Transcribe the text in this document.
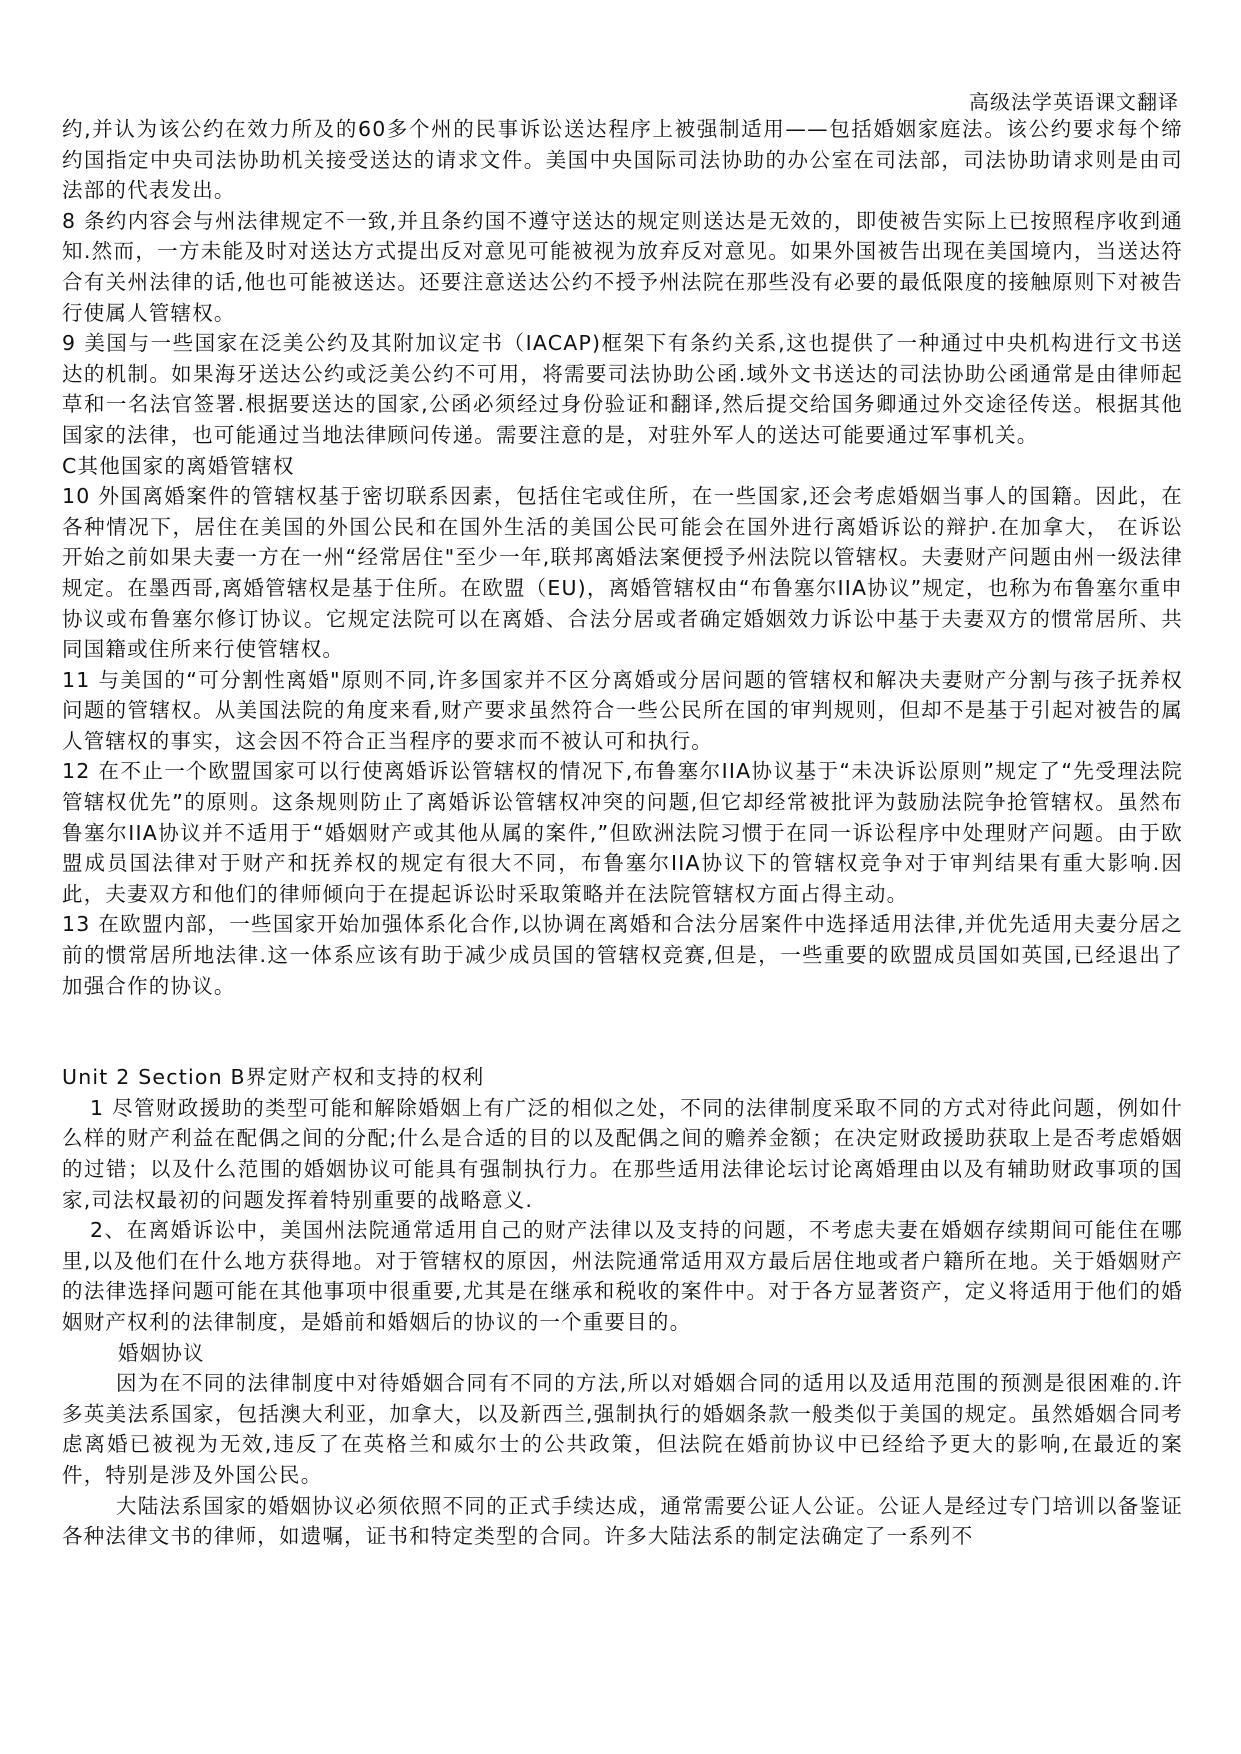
高级法学英语课文翻译

约,并认为该公约在效力所及的60多个州的民事诉讼送达程序上被强制适用——包括婚姻家庭法。该公约要求每个缔约国指定中央司法协助机关接受送达的请求文件。美国中央国际司法协助的办公室在司法部，司法协助请求则是由司法部的代表发出。

8 条约内容会与州法律规定不一致,并且条约国不遵守送达的规定则送达是无效的，即使被告实际上已按照程序收到通知.然而，一方未能及时对送达方式提出反对意见可能被视为放弃反对意见。如果外国被告出现在美国境内，当送达符合有关州法律的话,他也可能被送达。还要注意送达公约不授予州法院在那些没有必要的最低限度的接触原则下对被告行使属人管辖权。

9 美国与一些国家在泛美公约及其附加议定书（IACAP)框架下有条约关系,这也提供了一种通过中央机构进行文书送达的机制。如果海牙送达公约或泛美公约不可用，将需要司法协助公函.域外文书送达的司法协助公函通常是由律师起草和一名法官签署.根据要送达的国家,公函必须经过身份验证和翻译,然后提交给国务卿通过外交途径传送。根据其他国家的法律，也可能通过当地法律顾问传递。需要注意的是，对驻外军人的送达可能要通过军事机关。

C其他国家的离婚管辖权

10 外国离婚案件的管辖权基于密切联系因素，包括住宅或住所，在一些国家,还会考虑婚姻当事人的国籍。因此，在各种情况下，居住在美国的外国公民和在国外生活的美国公民可能会在国外进行离婚诉讼的辩护.在加拿大， 在诉讼开始之前如果夫妻一方在一州“经常居住"至少一年,联邦离婚法案便授予州法院以管辖权。夫妻财产问题由州一级法律规定。在墨西哥,离婚管辖权是基于住所。在欧盟（EU)，离婚管辖权由“布鲁塞尔IIA协议”规定，也称为布鲁塞尔重申协议或布鲁塞尔修订协议。它规定法院可以在离婚、合法分居或者确定婚姻效力诉讼中基于夫妻双方的惯常居所、共同国籍或住所来行使管辖权。

11 与美国的“可分割性离婚"原则不同,许多国家并不区分离婚或分居问题的管辖权和解决夫妻财产分割与孩子抚养权问题的管辖权。从美国法院的角度来看,财产要求虽然符合一些公民所在国的审判规则，但却不是基于引起对被告的属人管辖权的事实，这会因不符合正当程序的要求而不被认可和执行。

12 在不止一个欧盟国家可以行使离婚诉讼管辖权的情况下,布鲁塞尔IIA协议基于“未决诉讼原则”规定了“先受理法院管辖权优先”的原则。这条规则防止了离婚诉讼管辖权冲突的问题,但它却经常被批评为鼓励法院争抢管辖权。虽然布鲁塞尔IIA协议并不适用于“婚姻财产或其他从属的案件,”但欧洲法院习惯于在同一诉讼程序中处理财产问题。由于欧盟成员国法律对于财产和抚养权的规定有很大不同，布鲁塞尔IIA协议下的管辖权竞争对于审判结果有重大影响.因此，夫妻双方和他们的律师倾向于在提起诉讼时采取策略并在法院管辖权方面占得主动。

13 在欧盟内部，一些国家开始加强体系化合作,以协调在离婚和合法分居案件中选择适用法律,并优先适用夫妻分居之前的惯常居所地法律.这一体系应该有助于减少成员国的管辖权竞赛,但是，一些重要的欧盟成员国如英国,已经退出了加强合作的协议。

Unit 2 Section B界定财产权和支持的权利

1 尽管财政援助的类型可能和解除婚姻上有广泛的相似之处，不同的法律制度采取不同的方式对待此问题，例如什么样的财产利益在配偶之间的分配;什么是合适的目的以及配偶之间的赡养金额；在决定财政援助获取上是否考虑婚姻的过错；以及什么范围的婚姻协议可能具有强制执行力。在那些适用法律论坛讨论离婚理由以及有辅助财政事项的国家,司法权最初的问题发挥着特别重要的战略意义.

2、在离婚诉讼中，美国州法院通常适用自己的财产法律以及支持的问题，不考虑夫妻在婚姻存续期间可能住在哪里,以及他们在什么地方获得地。对于管辖权的原因，州法院通常适用双方最后居住地或者户籍所在地。关于婚姻财产的法律选择问题可能在其他事项中很重要,尤其是在继承和税收的案件中。对于各方显著资产，定义将适用于他们的婚姻财产权利的法律制度，是婚前和婚姻后的协议的一个重要目的。

婚姻协议

因为在不同的法律制度中对待婚姻合同有不同的方法,所以对婚姻合同的适用以及适用范围的预测是很困难的.许多英美法系国家，包括澳大利亚，加拿大，以及新西兰,强制执行的婚姻条款一般类似于美国的规定。虽然婚姻合同考虑离婚已被视为无效,违反了在英格兰和威尔士的公共政策，但法院在婚前协议中已经给予更大的影响,在最近的案件，特别是涉及外国公民。

大陆法系国家的婚姻协议必须依照不同的正式手续达成，通常需要公证人公证。公证人是经过专门培训以备鉴证各种法律文书的律师，如遗嘱，证书和特定类型的合同。许多大陆法系的制定法确定了一系列不
